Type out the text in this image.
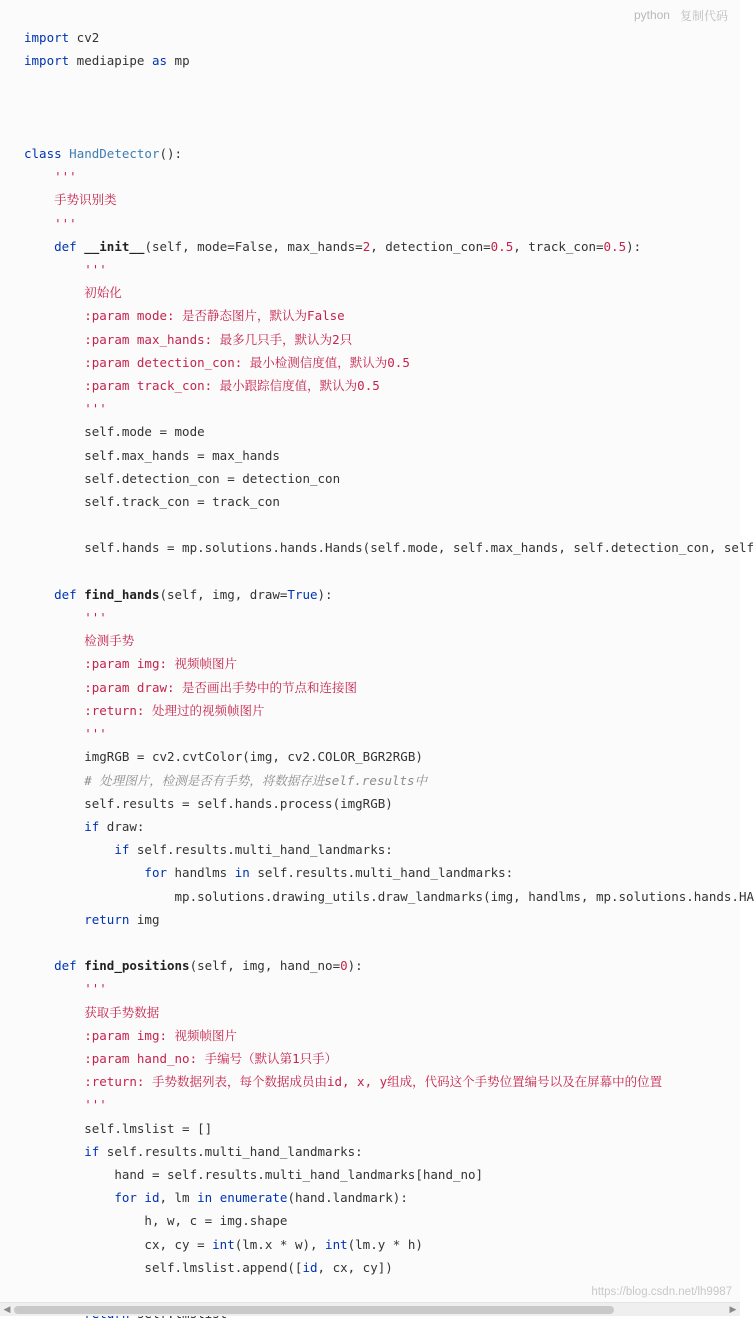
python 复制代码
import cv2
import mediapipe as mp

class HandDetector():
'''
手势识别类
'''
def __init__(self, mode=False, max_hands=2, detection_con=0.5, track_con=0.5):
'''
初始化
:param mode: 是否静态图片，默认为False
:param max_hands: 最多几只手，默认为2只
:param detection_con: 最小检测信度值，默认为0.5
:param track_con: 最小跟踪信度值，默认为0.5
'''
self.mode = mode
self.max_hands = max_hands
self.detection_con = detection_con
self.track_con = track_con

self.hands = mp.solutions.hands.Hands(self.mode, self.max_hands, self.detection_con, self

def find_hands(self, img, draw=True):
'''
检测手势
:param img: 视频帧图片
:param draw: 是否画出手势中的节点和连接图
:return: 处理过的视频帧图片
'''
imgRGB = cv2.cvtColor(img, cv2.COLOR_BGR2RGB)
# 处理图片，检测是否有手势，将数据存进self.results中
self.results = self.hands.process(imgRGB)
if draw:
if self.results.multi_hand_landmarks:
for handlms in self.results.multi_hand_landmarks:
mp.solutions.drawing_utils.draw_landmarks(img, handlms, mp.solutions.hands.HA
return img

def find_positions(self, img, hand_no=0):
'''
获取手势数据
:param img: 视频帧图片
:param hand_no: 手编号（默认第1只手）
:return: 手势数据列表，每个数据成员由id, x, y组成，代码这个手势位置编号以及在屏幕中的位置
'''
self.lmslist = []
if self.results.multi_hand_landmarks:
hand = self.results.multi_hand_landmarks[hand_no]
for id, lm in enumerate(hand.landmark):
h, w, c = img.shape
cx, cy = int(lm.x * w), int(lm.y * h)
self.lmslist.append([id, cx, cy])

https://blog.csdn.net/lh9987
◀	▶
